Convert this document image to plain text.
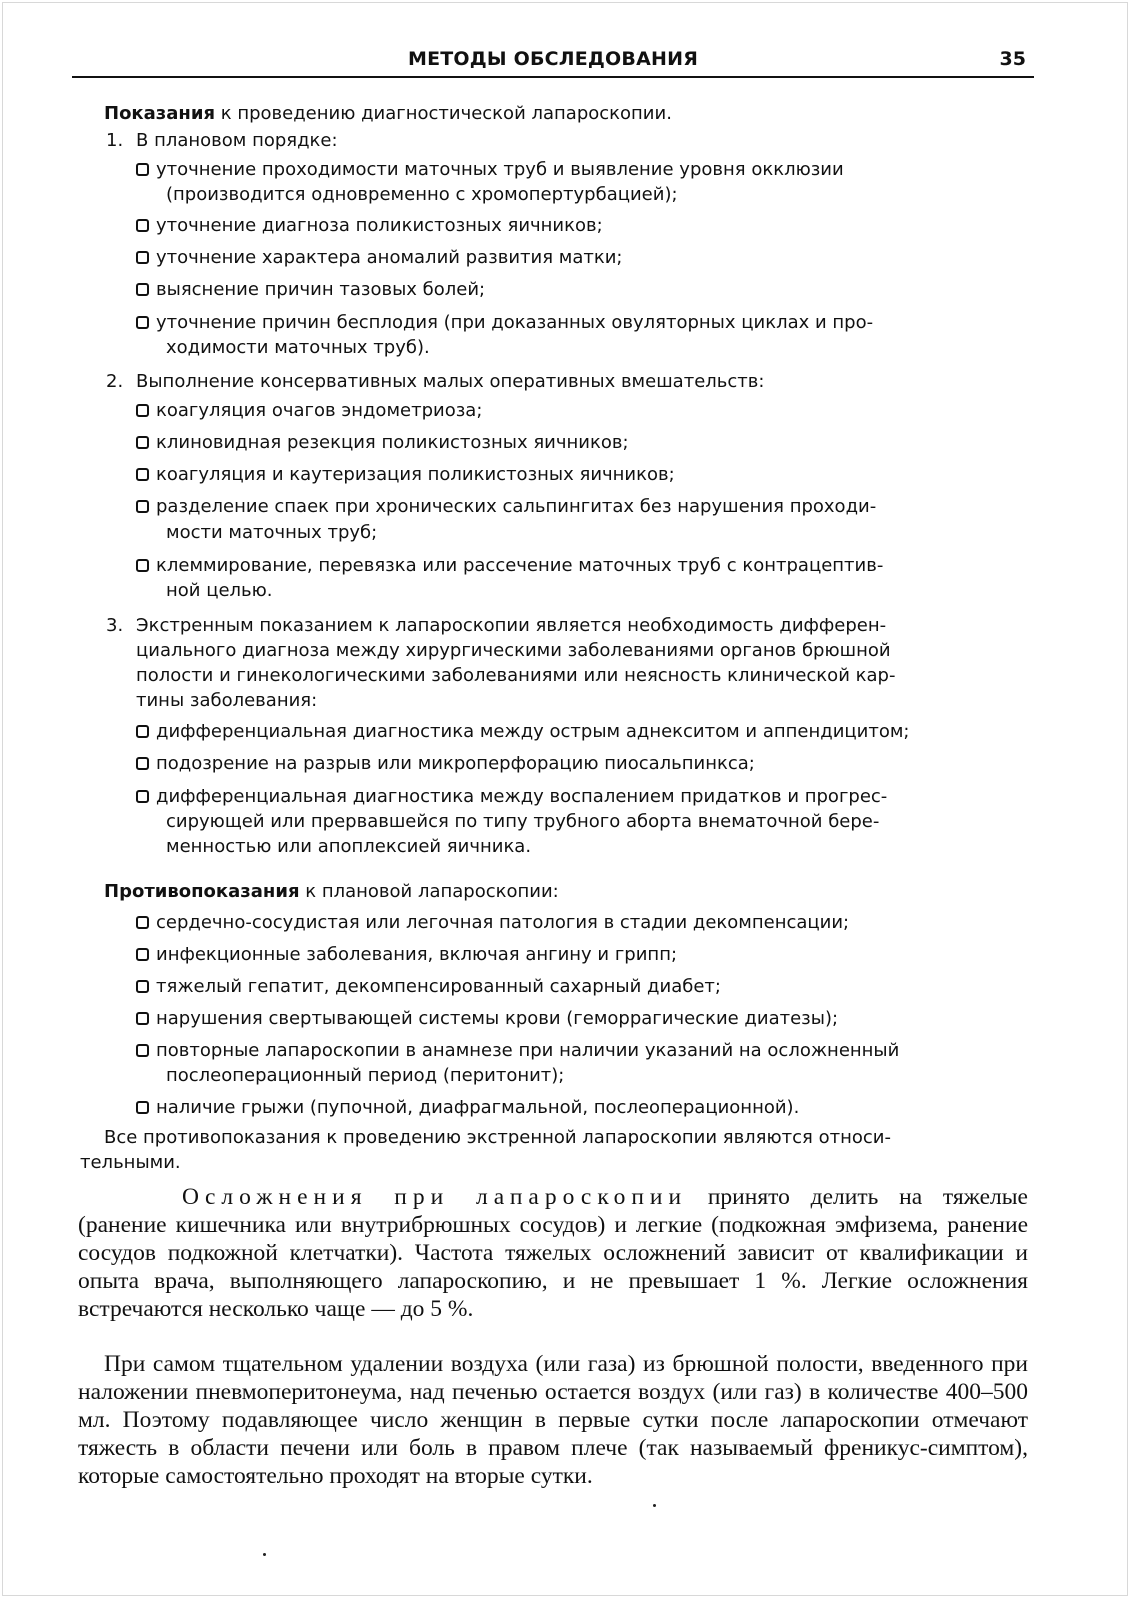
МЕТОДЫ ОБСЛЕДОВАНИЯ	35
Показания к проведению диагностической лапароскопии.
1. В плановом порядке:
уточнение проходимости маточных труб и выявление уровня окклюзии
(производится одновременно с хромопертурбацией);
уточнение диагноза поликистозных яичников;
уточнение характера аномалий развития матки;
выяснение причин тазовых болей;
уточнение причин бесплодия (при доказанных овуляторных циклах и про-
ходимости маточных труб).
2. Выполнение консервативных малых оперативных вмешательств:
коагуляция очагов эндометриоза;
клиновидная резекция поликистозных яичников;
коагуляция и каутеризация поликистозных яичников;
разделение спаек при хронических сальпингитах без нарушения проходи-
мости маточных труб;
клеммирование, перевязка или рассечение маточных труб с контрацептив-
ной целью.
3. Экстренным показанием к лапароскопии является необходимость дифферен-
циального диагноза между хирургическими заболеваниями органов брюшной
полости и гинекологическими заболеваниями или неясность клинической кар-
тины заболевания:
дифференциальная диагностика между острым аднекситом и аппендицитом;
подозрение на разрыв или микроперфорацию пиосальпинкса;
дифференциальная диагностика между воспалением придатков и прогрес-
сирующей или прервавшейся по типу трубного аборта внематочной бере-
менностью или апоплексией яичника.
Противопоказания к плановой лапароскопии:
сердечно-сосудистая или легочная патология в стадии декомпенсации;
инфекционные заболевания, включая ангину и грипп;
тяжелый гепатит, декомпенсированный сахарный диабет;
нарушения свертывающей системы крови (геморрагические диатезы);
повторные лапароскопии в анамнезе при наличии указаний на осложненный
послеоперационный период (перитонит);
наличие грыжи (пупочной, диафрагмальной, послеоперационной).
Все противопоказания к проведению экстренной лапароскопии являются относи-
тельными.
Осложнения при лапароскопии принято делить на тяжелые (ранение кишечника или внутрибрюшных сосудов) и легкие (подкожная эмфизема, ранение сосудов подкожной клетчатки). Частота тяжелых осложнений зависит от квалификации и опыта врача, выполняющего лапароскопию, и не превышает 1 %. Легкие осложнения встречаются несколько чаще — до 5 %.
При самом тщательном удалении воздуха (или газа) из брюшной полости, введенного при наложении пневмоперитонеума, над печенью остается воздух (или газ) в количестве 400–500 мл. Поэтому подавляющее число женщин в первые сутки после лапароскопии отмечают тяжесть в области печени или боль в правом плече (так называемый френикус-симптом), которые самостоятельно проходят на вторые сутки.
